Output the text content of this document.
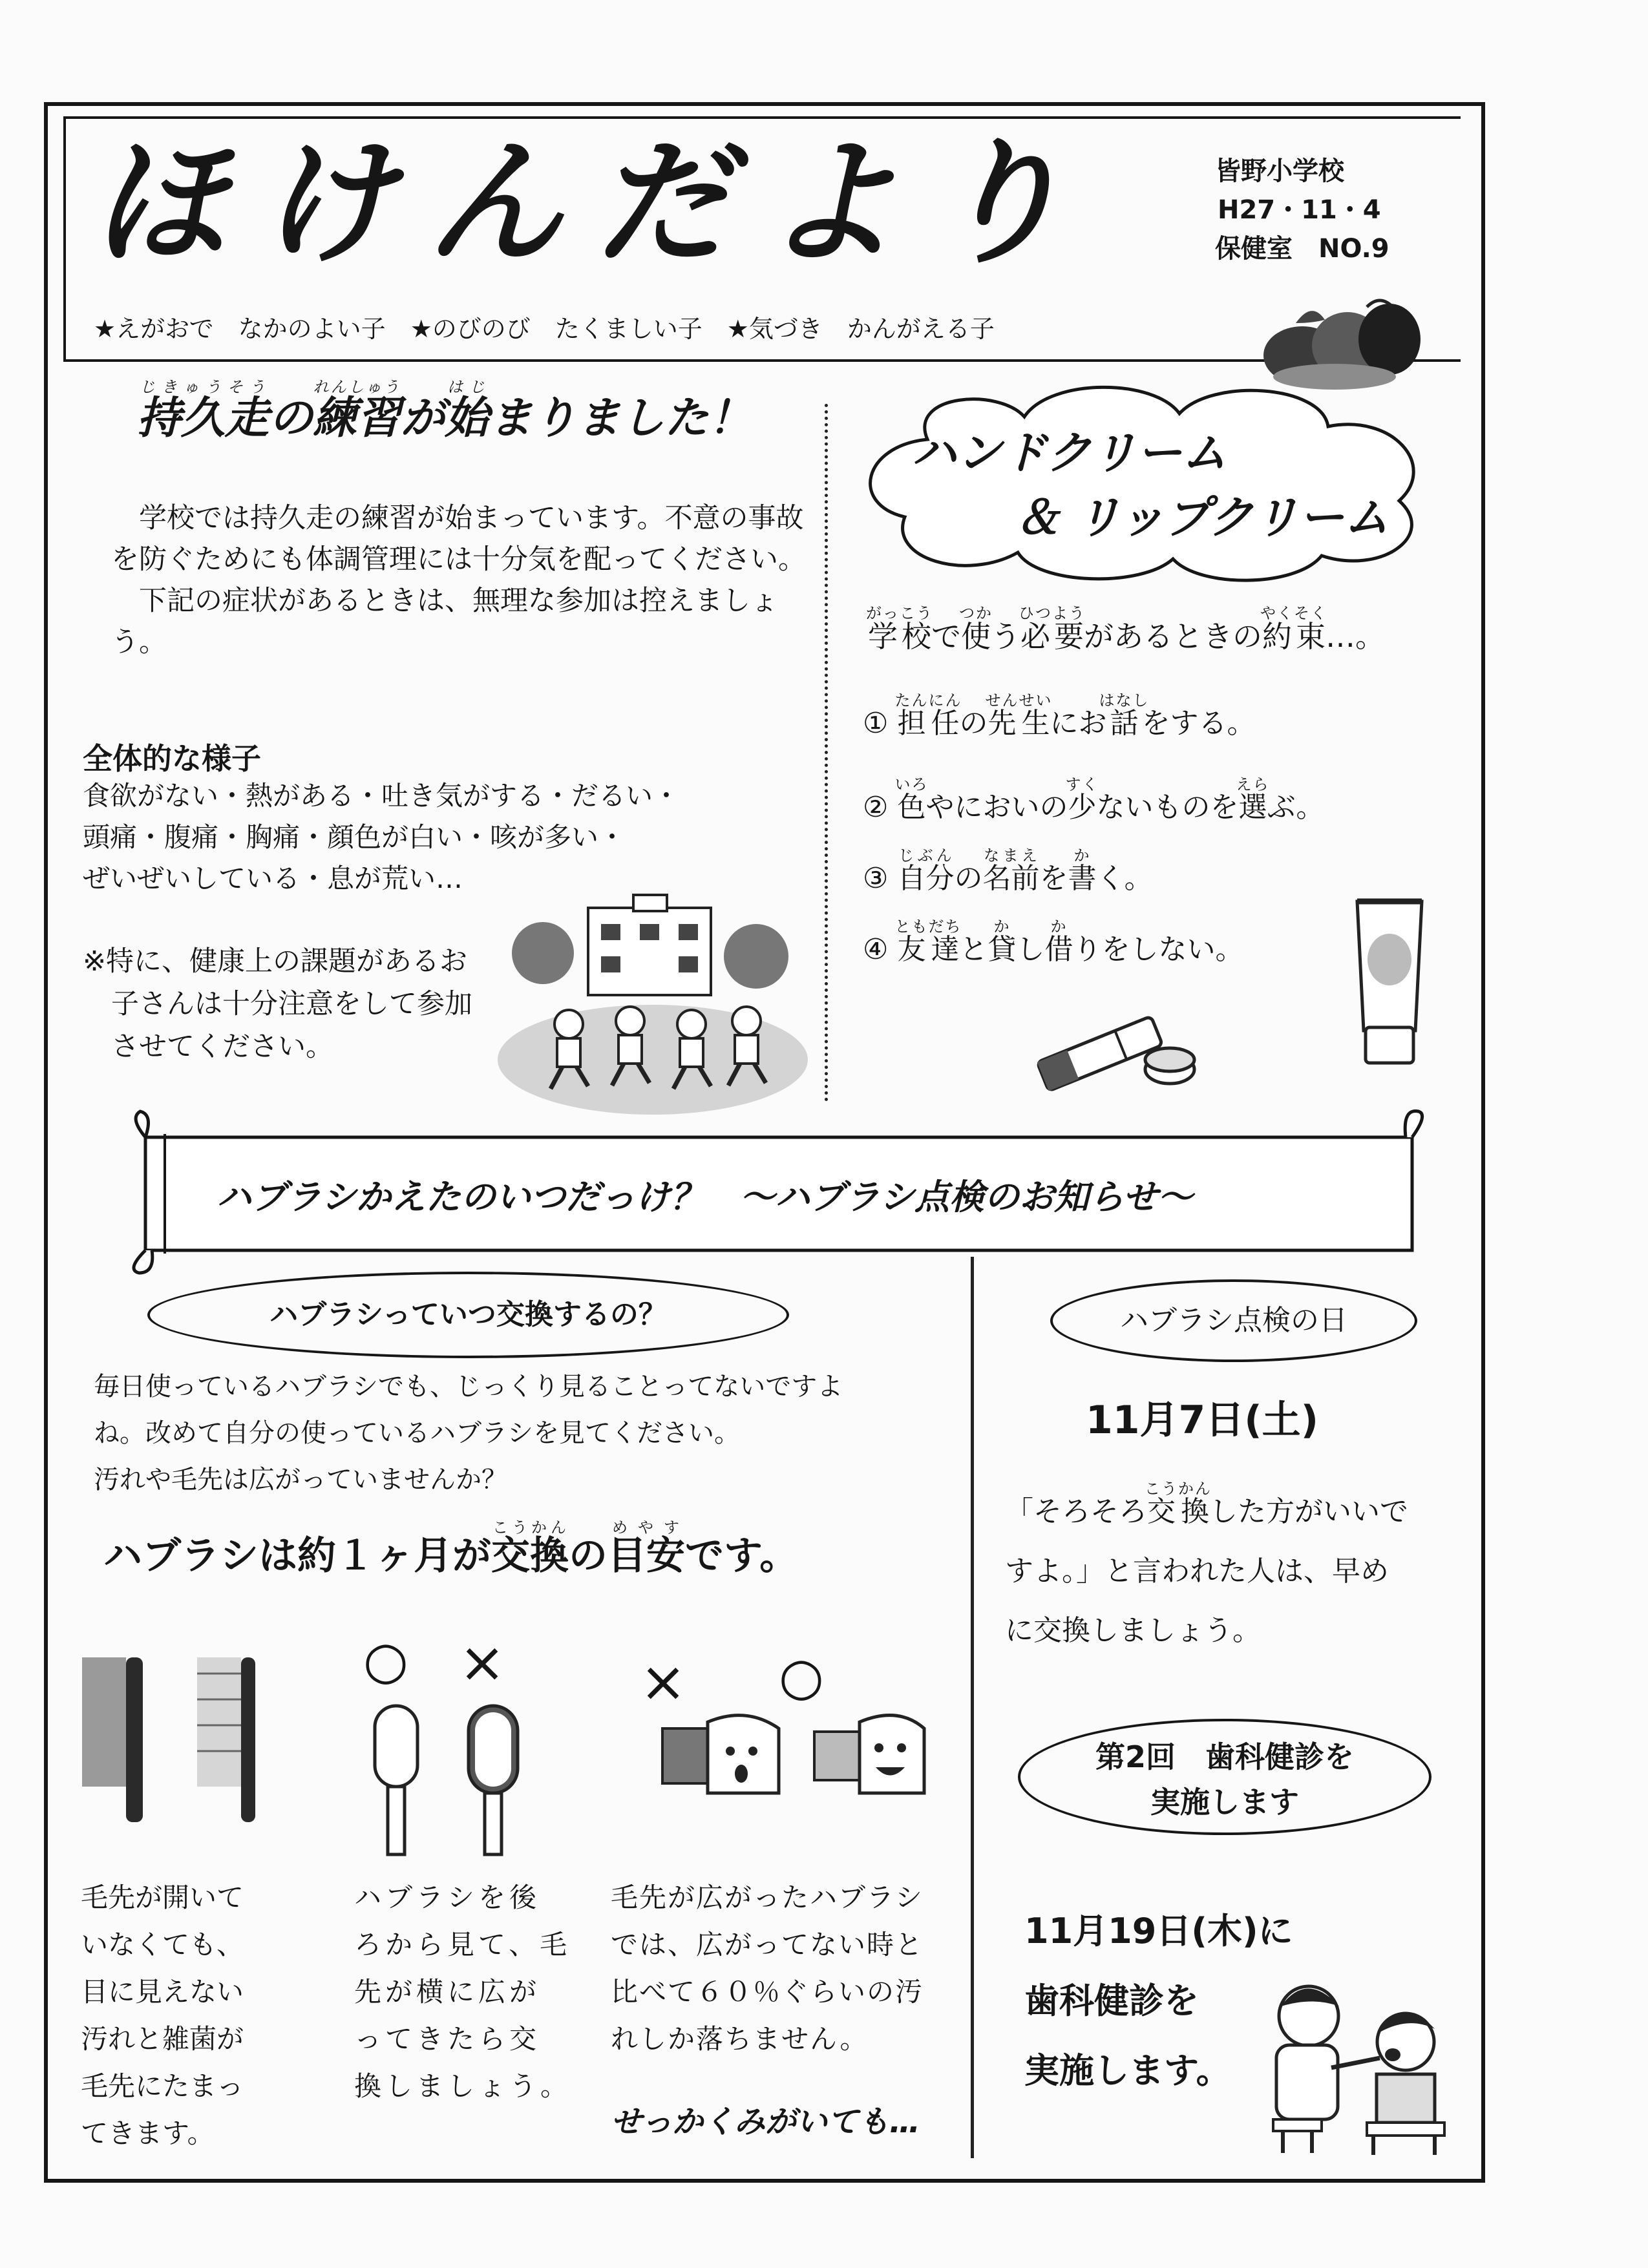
ほけんだより	皆野小学校
H27・11・4
保健室　NO.9
★えがおで　なかのよい子　★のびのび　たくましい子　★気づき　かんがえる子
持久走じきゅうそうの練習れんしゅうが始はじまりました！

学校では持久走の練習が始まっています。不意の事故を防ぐためにも体調管理には十分気を配ってください。

下記の症状があるときは、無理な参加は控えましょう。

全体的な様子
食欲がない・熱がある・吐き気がする・だるい・
頭痛・腹痛・胸痛・顔色が白い・咳が多い・
ぜいぜいしている・息が荒い…
※特に、健康上の課題があるお子さんは十分注意をして参加させてください。
ハンドクリーム
＆ リップクリーム
学校がっこうで使つかう必要ひつようがあるときの約束やくそく…。
① 担任たんにんの先生せんせいにお話はなしをする。
② 色いろやにおいの少すくないものを選えらぶ。
③ 自分じぶんの名前なまえを書かく。
④ 友達ともだちと貸かし借かりをしない。
ハブラシかえたのいつだっけ？　～ハブラシ点検のお知らせ～
ハブラシっていつ交換するの？
毎日使っているハブラシでも、じっくり見ることってないですよ
ね。改めて自分の使っているハブラシを見てください。
汚れや毛先は広がっていませんか？
ハブラシは約１ヶ月が交換こうかんの目安めやすです。
○ × × ○
毛先が開いて
いなくても、
目に見えない
汚れと雑菌が
毛先にたまっ
てきます。
ハブラシを後
ろから見て、毛
先が横に広が
ってきたら交
換しましょう。
毛先が広がったハブラシ
では、広がってない時と
比べて６０％ぐらいの汚
れしか落ちません。
せっかくみがいても…
ハブラシ点検の日
11月7日(土)
「そろそろ交換こうかんした方がいいで
すよ。」と言われた人は、早め
に交換しましょう。
第2回　歯科健診を
実施します
11月19日(木)に
歯科健診を
実施します。
